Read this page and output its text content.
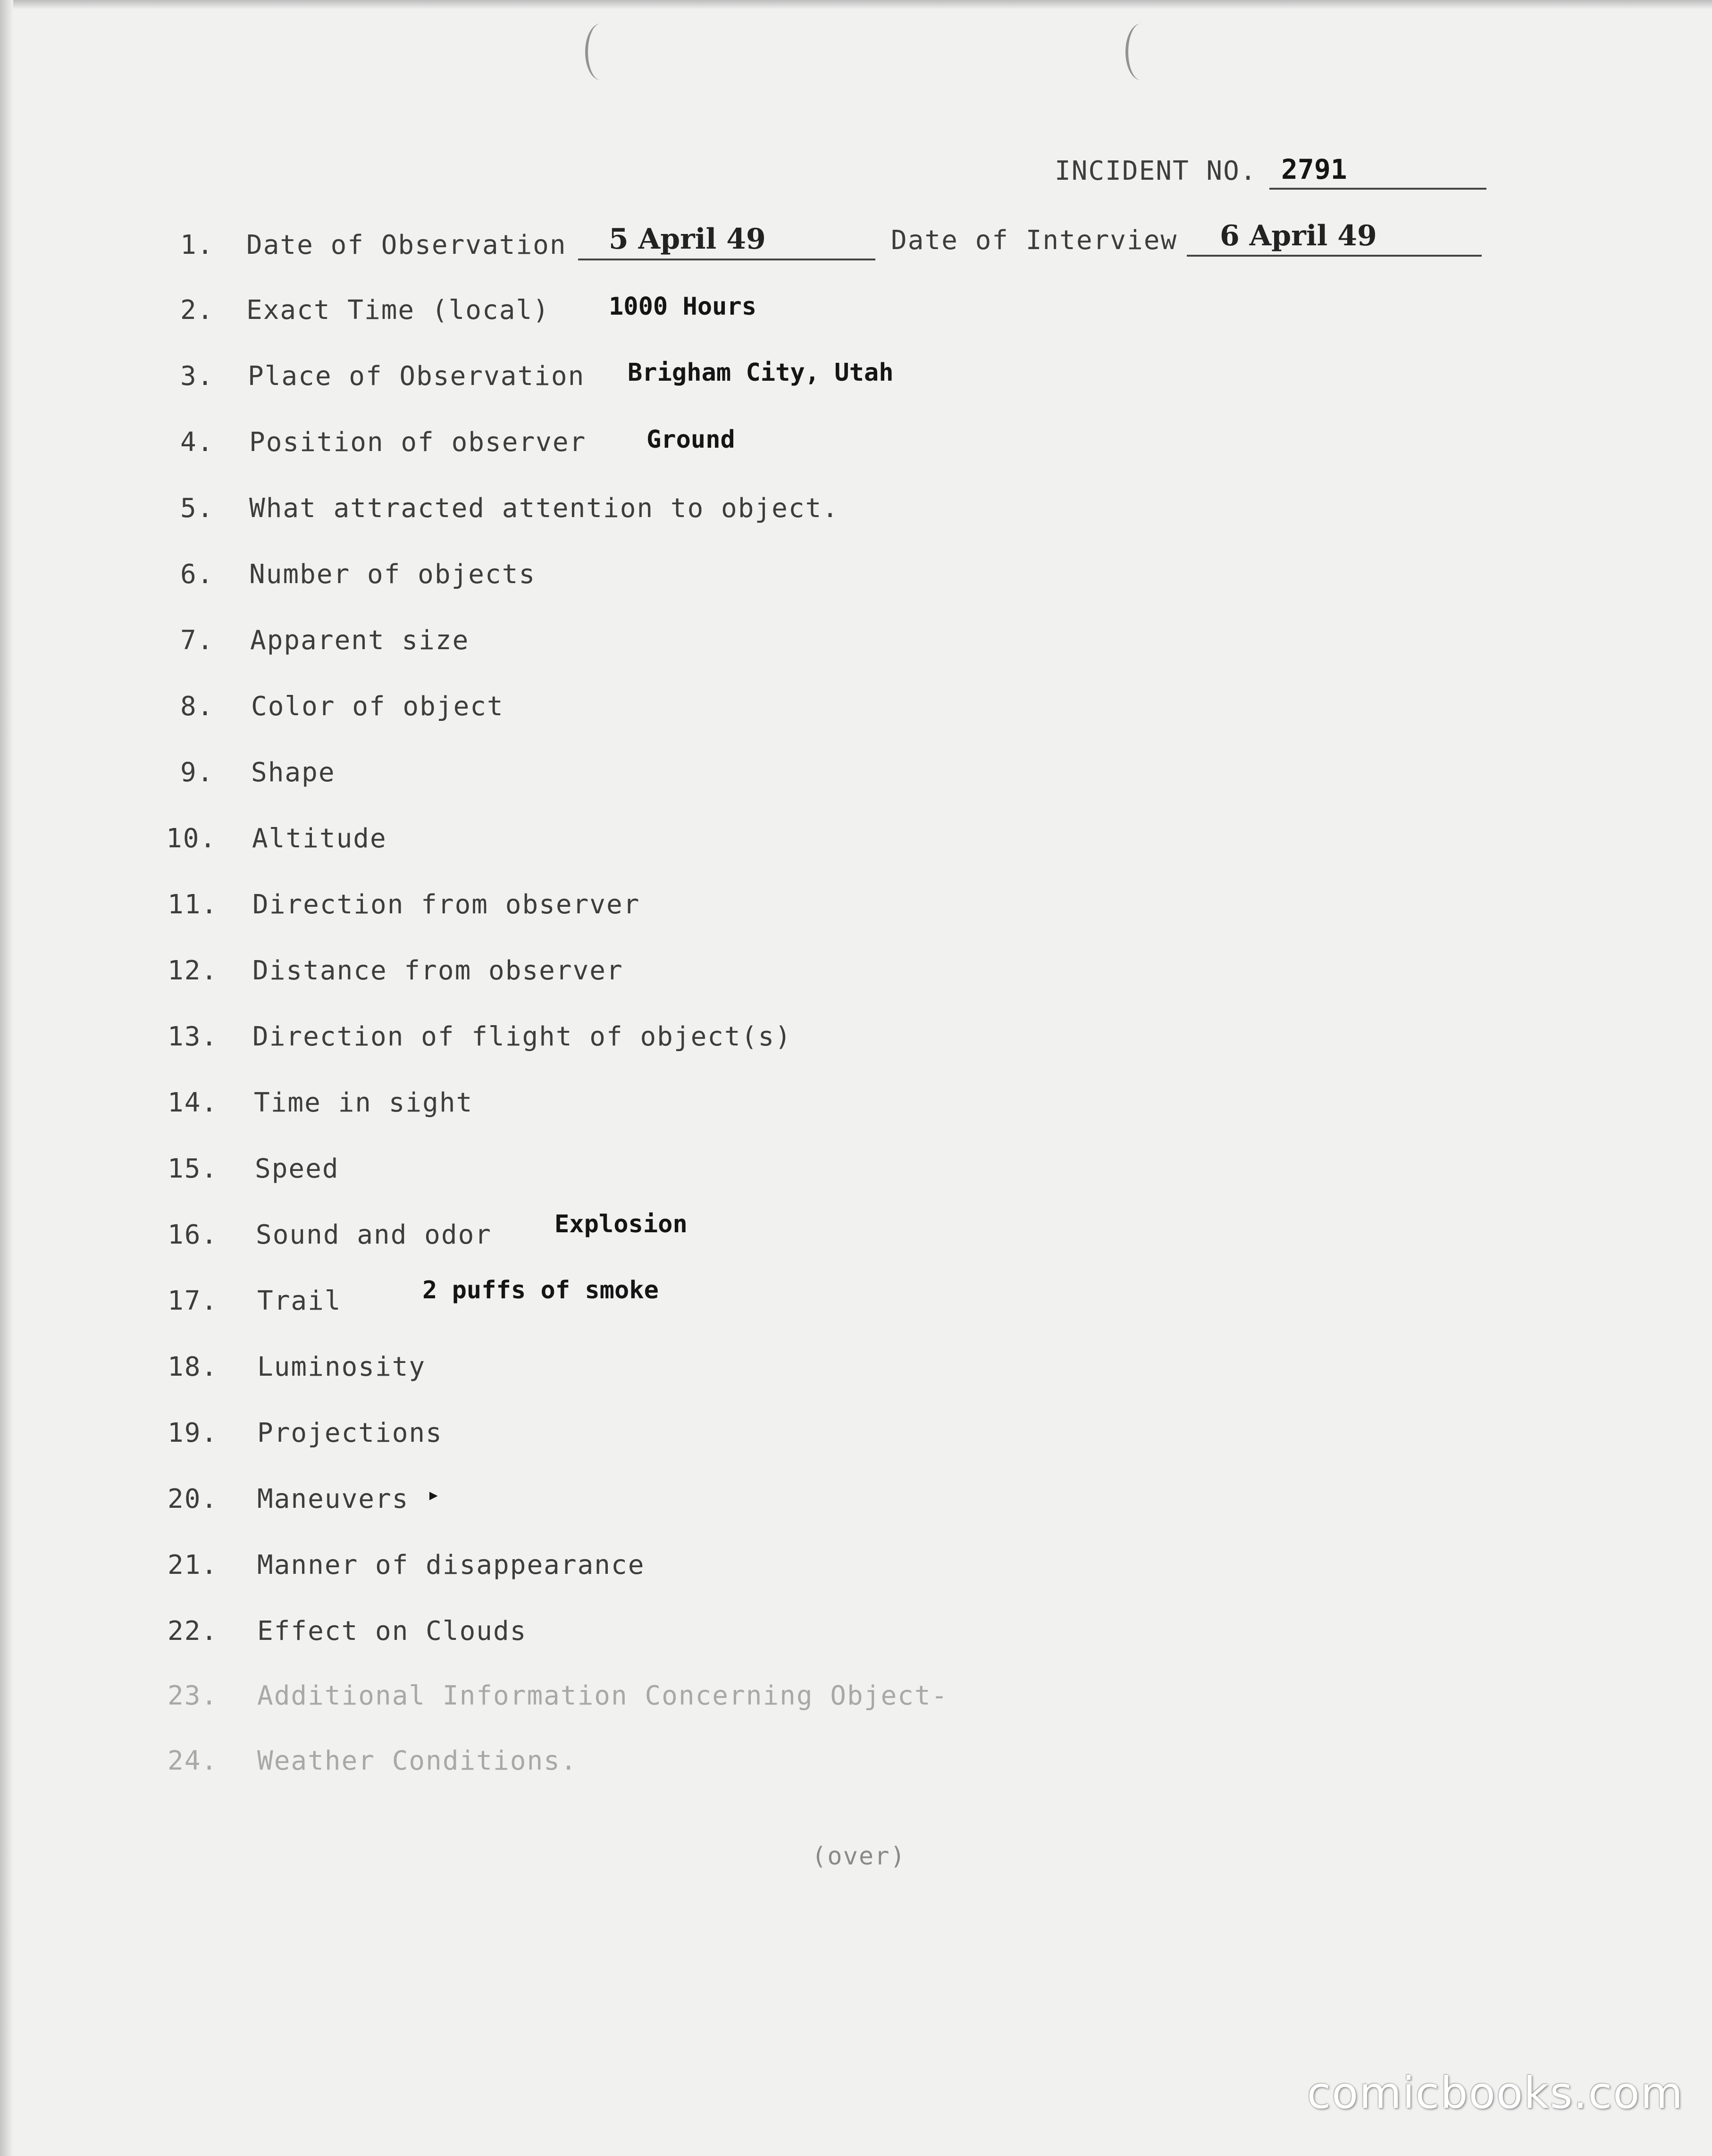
INCIDENT NO. 2791
1. Date of Observation 5 April 49	Date of Interview 6 April 49
2. Exact Time (local) 1000 Hours
3. Place of Observation Brigham City, Utah
4. Position of observer Ground
5. What attracted attention to object.
6. Number of objects
7. Apparent size
8. Color of object
9. Shape
10. Altitude
11. Direction from observer
12. Distance from observer
13. Direction of flight of object(s)
14. Time in sight
15. Speed
16. Sound and odor	Explosion
17. Trail	2 puffs of smoke
18. Luminosity
19. Projections
20. Maneuvers ▸
21. Manner of disappearance
22. Effect on Clouds
23. Additional Information Concerning Object-
24. Weather Conditions.
(over)
comicbooks.com
